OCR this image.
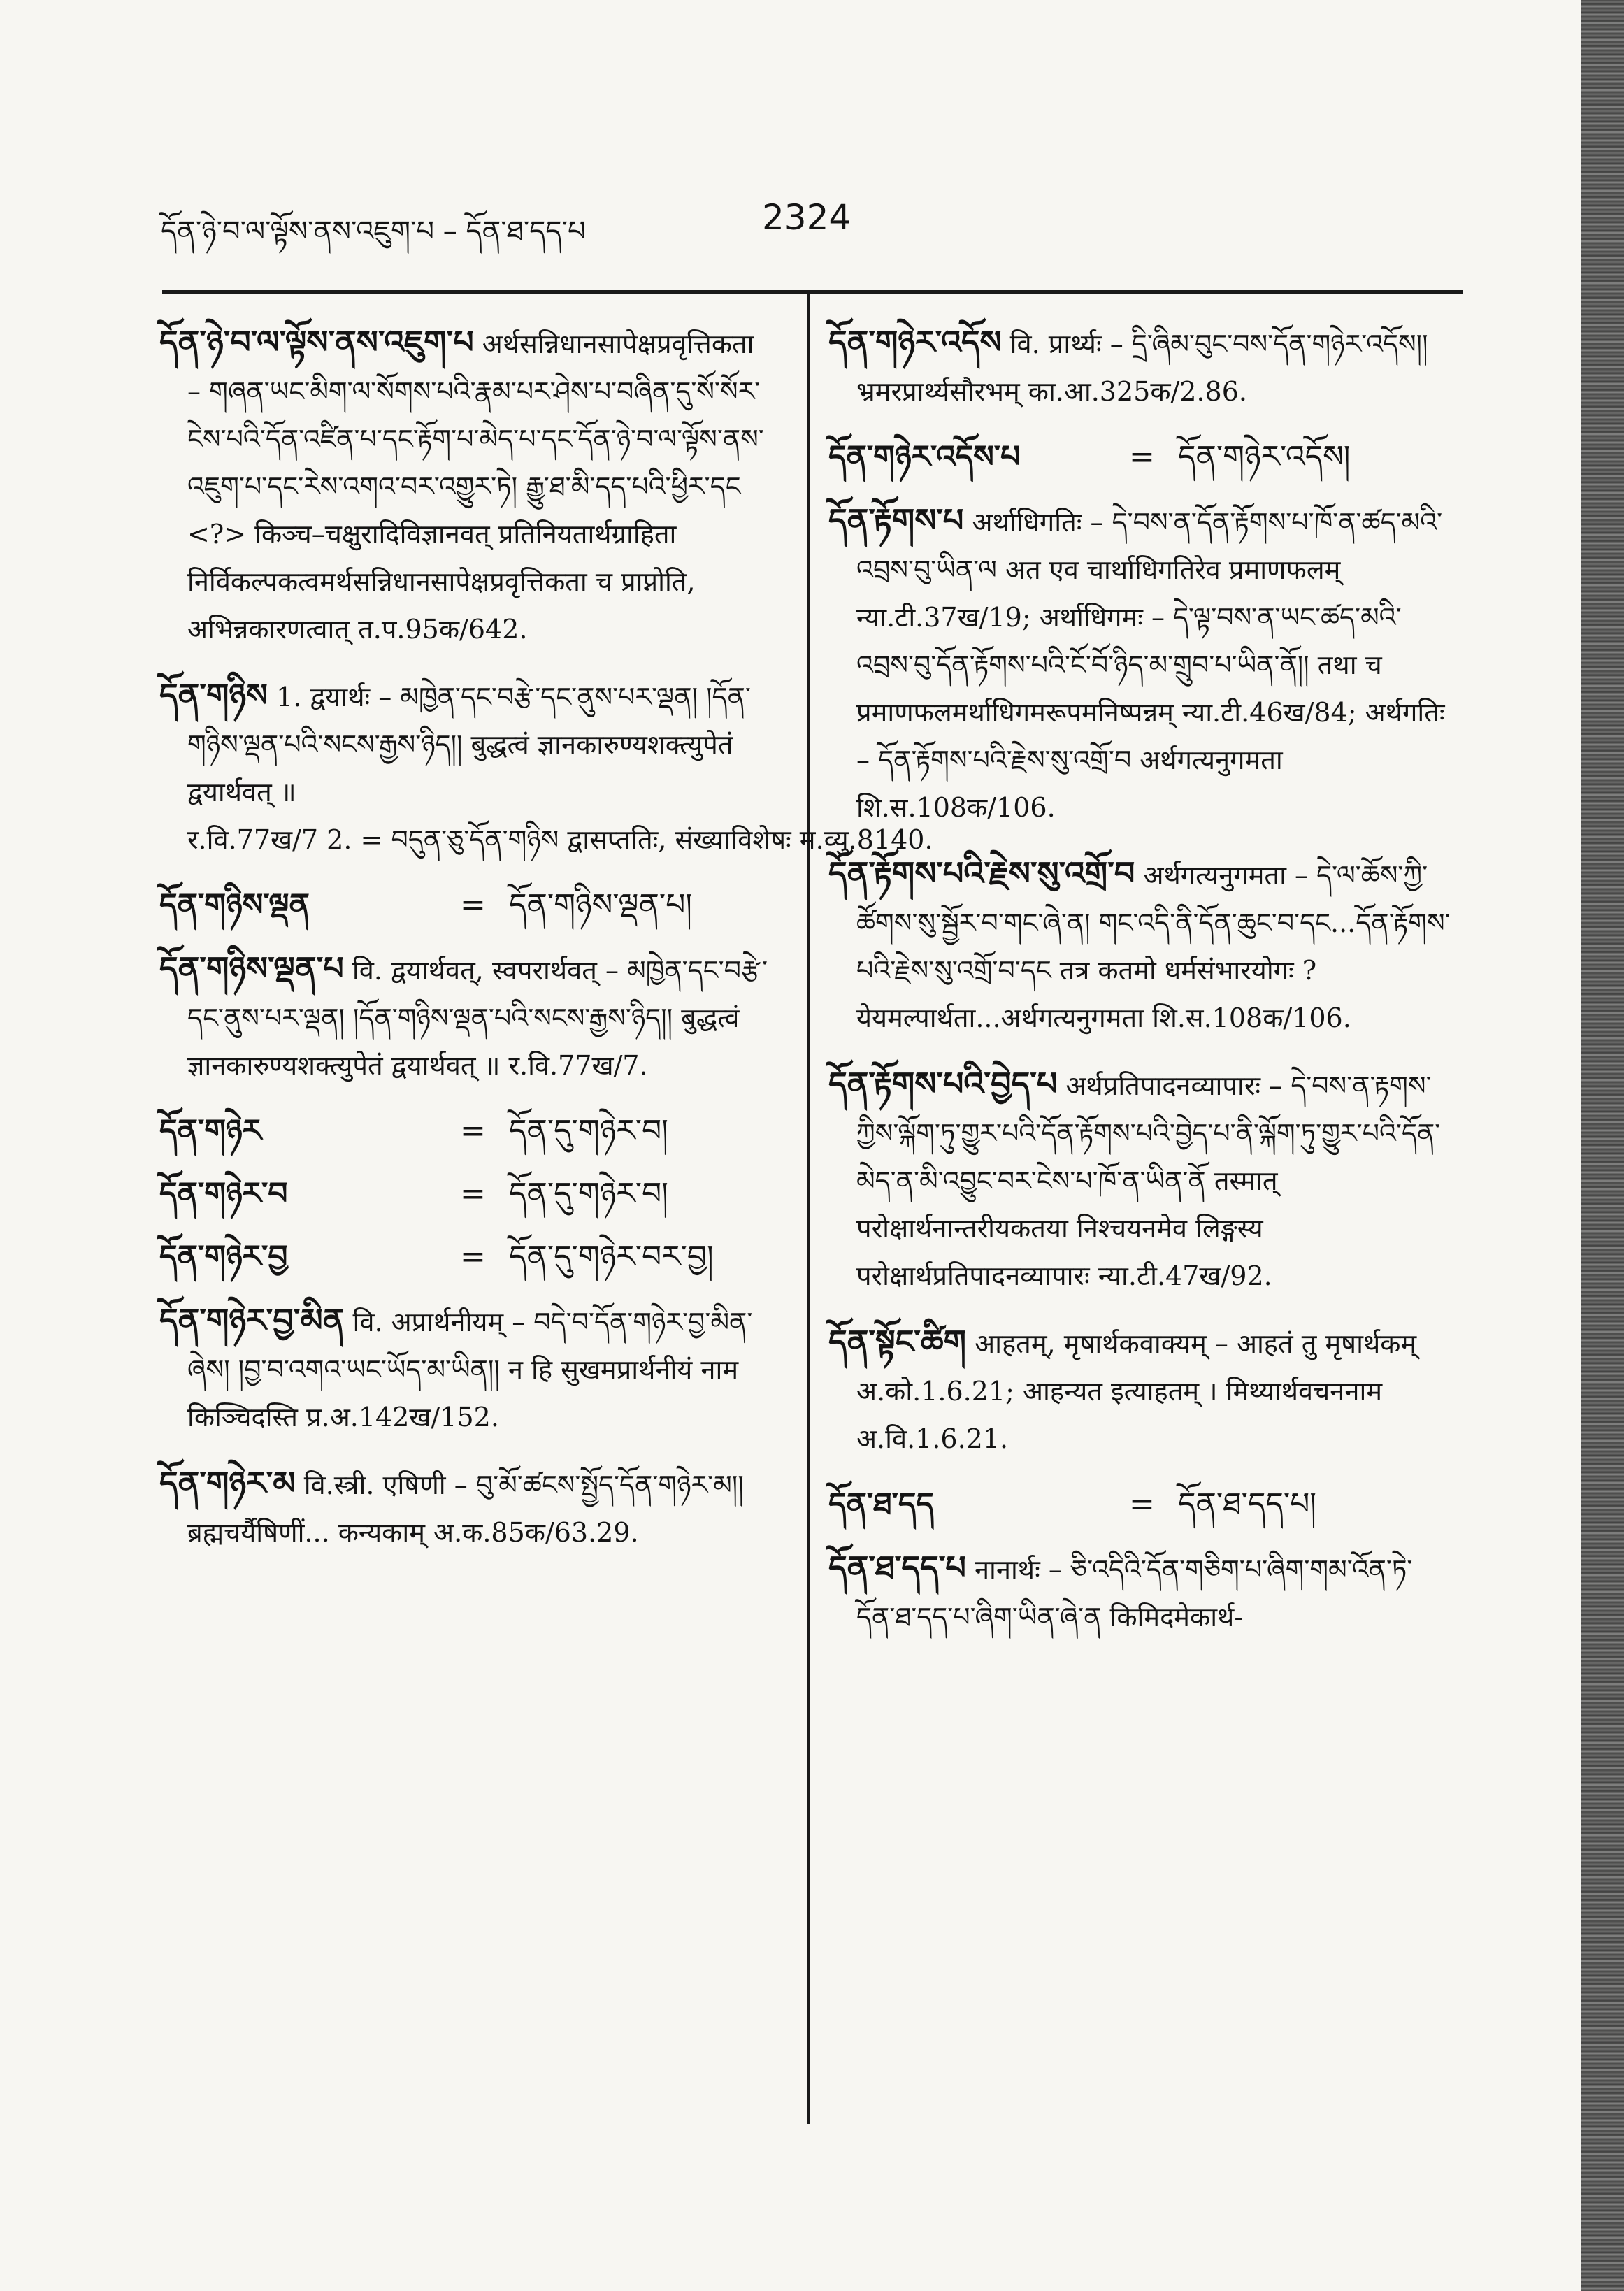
དོན་ཉེ་བ་ལ་ལྟོས་ནས་འཇུག་པ – དོན་ཐ་དད་པ	2324
དོན་ཉེ་བ་ལ་ལྟོས་ནས་འཇུག་པ अर्थसन्निधानसापेक्षप्रवृत्तिकता – གཞན་ཡང་མིག་ལ་སོགས་པའི་རྣམ་པར་ཤེས་པ་བཞིན་དུ་སོ་སོར་ངེས་པའི་དོན་འཛིན་པ་དང་རྟོག་པ་མེད་པ་དང་དོན་ཉེ་བ་ལ་ལྟོས་ནས་འཇུག་པ་དང་རེས་འགའ་བར་འགྱུར་ཏེ། རྒྱུ་ཐ་མི་དད་པའི་ཕྱིར་དང <?> किञ्च–चक्षुरादिविज्ञानवत् प्रतिनियतार्थग्राहिता निर्विकल्पकत्वमर्थसन्निधानसापेक्षप्रवृत्तिकता च प्राप्नोति, अभिन्नकारणत्वात् त.प.95क/642.
དོན་གཉིས 1. द्वयार्थः – མཁྱེན་དང་བརྩེ་དང་ནུས་པར་ལྡན། །དོན་གཉིས་ལྡན་པའི་སངས་རྒྱས་ཉིད།། बुद्धत्वं ज्ञानकारुण्यशक्त्युपेतं द्वयार्थवत् ॥ र.वि.77ख/7 2. = བདུན་ཅུ་དོན་གཉིས द्वासप्ततिः, संख्याविशेषः म.व्यु.8140.
དོན་གཉིས་ལྡན	= དོན་གཉིས་ལྡན་པ།
དོན་གཉིས་ལྡན་པ वि. द्वयार्थवत्, स्वपरार्थवत् – མཁྱེན་དང་བརྩེ་དང་ནུས་པར་ལྡན། །དོན་གཉིས་ལྡན་པའི་སངས་རྒྱས་ཉིད།། बुद्धत्वं ज्ञानकारुण्यशक्त्युपेतं द्वयार्थवत् ॥ र.वि.77ख/7.
དོན་གཉེར	= དོན་དུ་གཉེར་བ།
དོན་གཉེར་བ	= དོན་དུ་གཉེར་བ།
དོན་གཉེར་བྱ	= དོན་དུ་གཉེར་བར་བྱ།
དོན་གཉེར་བྱ་མིན वि. अप्रार्थनीयम् – བདེ་བ་དོན་གཉེར་བྱ་མིན་ཞེས། །བྱ་བ་འགའ་ཡང་ཡོད་མ་ཡིན།། न हि सुखमप्रार्थनीयं नाम किञ्चिदस्ति प्र.अ.142ख/152.
དོན་གཉེར་མ वि.स्त्री. एषिणी – བུ་མོ་ཚངས་སྤྱོད་དོན་གཉེར་མ།། ब्रह्मचर्यैषिणीं... कन्यकाम् अ.क.85क/63.29.
དོན་གཉེར་འདོས वि. प्रार्थ्यः – དྲི་ཞིམ་བུང་བས་དོན་གཉེར་འདོས།། भ्रमरप्रार्थ्यसौरभम् का.आ.325क/2.86.
དོན་གཉེར་འདོས་པ	= དོན་གཉེར་འདོས།
དོན་རྟོགས་པ अर्थाधिगतिः – དེ་བས་ན་དོན་རྟོགས་པ་ཁོ་ན་ཚད་མའི་འབྲས་བུ་ཡིན་ལ अत एव चार्थाधिगतिरेव प्रमाणफलम् न्या.टी.37ख/19; अर्थाधिगमः – དེ་ལྟ་བས་ན་ཡང་ཚད་མའི་འབྲས་བུ་དོན་རྟོགས་པའི་ངོ་བོ་ཉིད་མ་གྲུབ་པ་ཡིན་ནོ།། तथा च प्रमाणफलमर्थाधिगमरूपमनिष्पन्नम् न्या.टी.46ख/84; अर्थगतिः – དོན་རྟོགས་པའི་རྗེས་སུ་འགྲོ་བ अर्थगत्यनुगमता शि.स.108क/106.
དོན་རྟོགས་པའི་རྗེས་སུ་འགྲོ་བ अर्थगत्यनुगमता – དེ་ལ་ཆོས་ཀྱི་ཚོགས་སུ་སྦྱོར་བ་གང་ཞེ་ན། གང་འདི་ནི་དོན་ཆུང་བ་དང...དོན་རྟོགས་པའི་རྗེས་སུ་འགྲོ་བ་དང तत्र कतमो धर्मसंभारयोगः ? येयमल्पार्थता...अर्थगत्यनुगमता शि.स.108क/106.
དོན་རྟོགས་པའི་བྱེད་པ अर्थप्रतिपादनव्यापारः – དེ་བས་ན་རྟགས་ཀྱིས་ལྐོག་ཏུ་གྱུར་པའི་དོན་རྟོགས་པའི་བྱེད་པ་ནི་ལྐོག་ཏུ་གྱུར་པའི་དོན་མེད་ན་མི་འབྱུང་བར་ངེས་པ་ཁོ་ན་ཡིན་ནོ तस्मात् परोक्षार्थनान्तरीयकतया निश्चयनमेव लिङ्गस्य परोक्षार्थप्रतिपादनव्यापारः न्या.टी.47ख/92.
དོན་སྟོང་ཚིག आहतम्, मृषार्थकवाक्यम् – आहतं तु मृषार्थकम् अ.को.1.6.21; आहन्यत इत्याहतम् । मिथ्यार्थवचननाम अ.वि.1.6.21.
དོན་ཐ་དད	= དོན་ཐ་དད་པ།
དོན་ཐ་དད་པ नानार्थः – ཅི་འདིའི་དོན་གཅིག་པ་ཞིག་གམ་འོན་ཏེ་དོན་ཐ་དད་པ་ཞིག་ཡིན་ཞེ་ན किमिदमेकार्थ-
